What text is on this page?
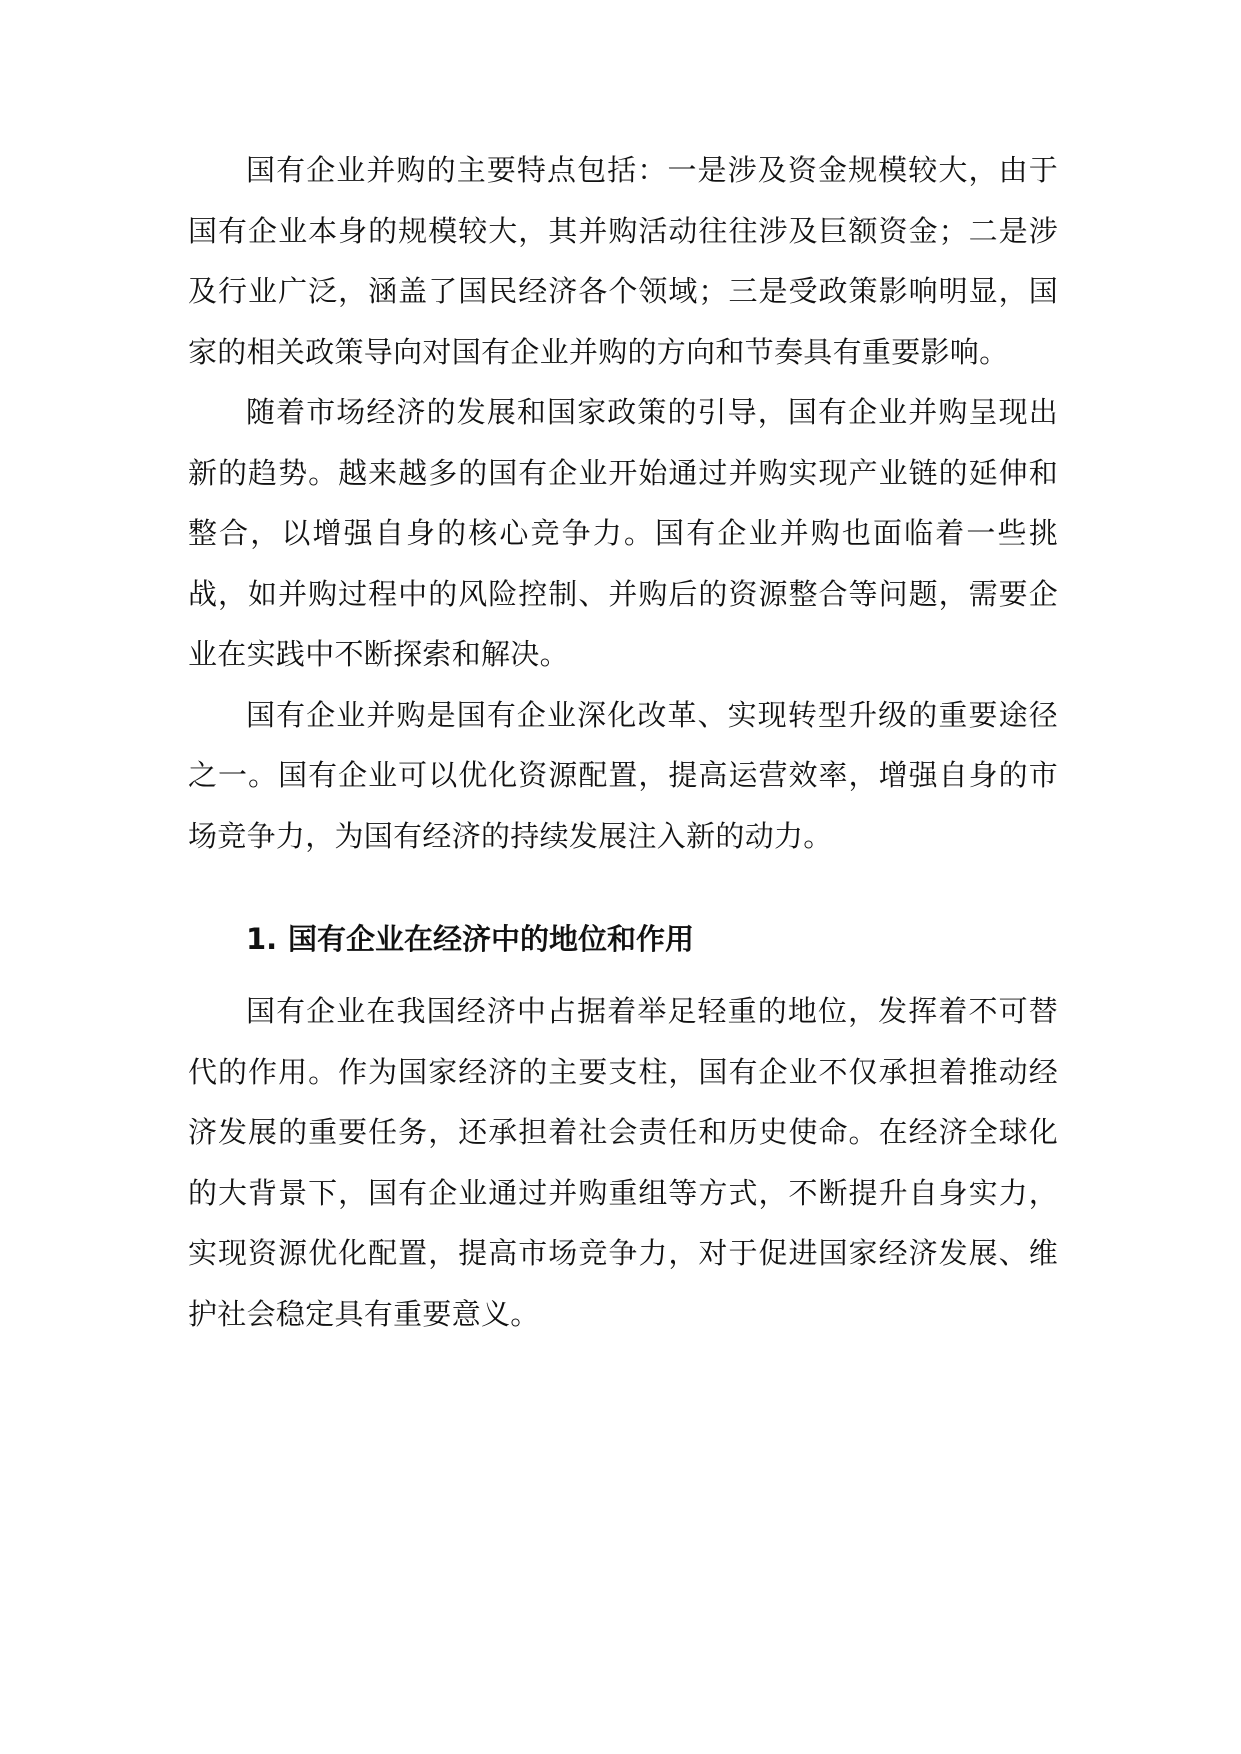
国有企业并购的主要特点包括：一是涉及资金规模较大，由于国有企业本身的规模较大，其并购活动往往涉及巨额资金；二是涉及行业广泛，涵盖了国民经济各个领域；三是受政策影响明显，国家的相关政策导向对国有企业并购的方向和节奏具有重要影响。

随着市场经济的发展和国家政策的引导，国有企业并购呈现出新的趋势。越来越多的国有企业开始通过并购实现产业链的延伸和整合，以增强自身的核心竞争力。国有企业并购也面临着一些挑战，如并购过程中的风险控制、并购后的资源整合等问题，需要企业在实践中不断探索和解决。

国有企业并购是国有企业深化改革、实现转型升级的重要途径之一。国有企业可以优化资源配置，提高运营效率，增强自身的市场竞争力，为国有经济的持续发展注入新的动力。

1. 国有企业在经济中的地位和作用

国有企业在我国经济中占据着举足轻重的地位，发挥着不可替代的作用。作为国家经济的主要支柱，国有企业不仅承担着推动经济发展的重要任务，还承担着社会责任和历史使命。在经济全球化的大背景下，国有企业通过并购重组等方式，不断提升自身实力，实现资源优化配置，提高市场竞争力，对于促进国家经济发展、维护社会稳定具有重要意义。
